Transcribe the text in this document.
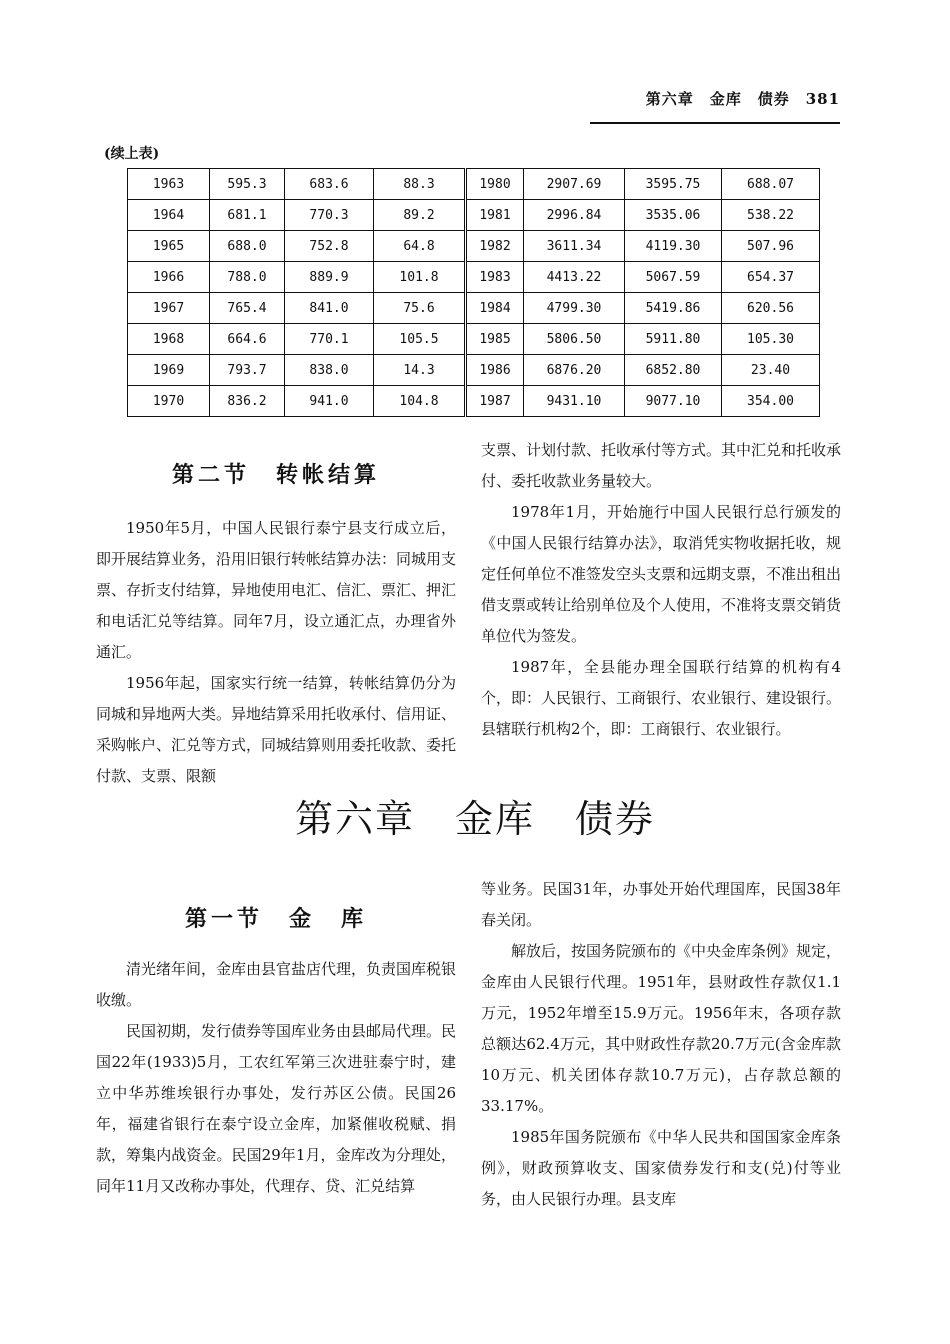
第六章　金库　债券　381
(续上表)
1963	595.3	683.6	88.3	1980	2907.69	3595.75	688.07
1964	681.1	770.3	89.2	1981	2996.84	3535.06	538.22
1965	688.0	752.8	64.8	1982	3611.34	4119.30	507.96
1966	788.0	889.9	101.8	1983	4413.22	5067.59	654.37
1967	765.4	841.0	75.6	1984	4799.30	5419.86	620.56
1968	664.6	770.1	105.5	1985	5806.50	5911.80	105.30
1969	793.7	838.0	14.3	1986	6876.20	6852.80	23.40
1970	836.2	941.0	104.8	1987	9431.10	9077.10	354.00
第二节　转帐结算

1950年5月，中国人民银行泰宁县支行成立后，即开展结算业务，沿用旧银行转帐结算办法：同城用支票、存折支付结算，异地使用电汇、信汇、票汇、押汇和电话汇兑等结算。同年7月，设立通汇点，办理省外通汇。

1956年起，国家实行统一结算，转帐结算仍分为同城和异地两大类。异地结算采用托收承付、信用证、采购帐户、汇兑等方式，同城结算则用委托收款、委托付款、支票、限额

支票、计划付款、托收承付等方式。其中汇兑和托收承付、委托收款业务量较大。

1978年1月，开始施行中国人民银行总行颁发的《中国人民银行结算办法》，取消凭实物收据托收，规定任何单位不准签发空头支票和远期支票，不准出租出借支票或转让给别单位及个人使用，不准将支票交销货单位代为签发。

1987年，全县能办理全国联行结算的机构有4个，即：人民银行、工商银行、农业银行、建设银行。县辖联行机构2个，即：工商银行、农业银行。

第六章　金库　债券
第一节　金　库

清光绪年间，金库由县官盐店代理，负责国库税银收缴。

民国初期，发行债券等国库业务由县邮局代理。民国22年(1933)5月，工农红军第三次进驻泰宁时，建立中华苏维埃银行办事处，发行苏区公债。民国26年，福建省银行在泰宁设立金库，加紧催收税赋、捐款，筹集内战资金。民国29年1月，金库改为分理处，同年11月又改称办事处，代理存、贷、汇兑结算

等业务。民国31年，办事处开始代理国库，民国38年春关闭。

解放后，按国务院颁布的《中央金库条例》规定，金库由人民银行代理。1951年，县财政性存款仅1.1万元，1952年增至15.9万元。1956年末，各项存款总额达62.4万元，其中财政性存款20.7万元(含金库款10万元、机关团体存款10.7万元)，占存款总额的33.17%。

1985年国务院颁布《中华人民共和国国家金库条例》，财政预算收支、国家债券发行和支(兑)付等业务，由人民银行办理。县支库
